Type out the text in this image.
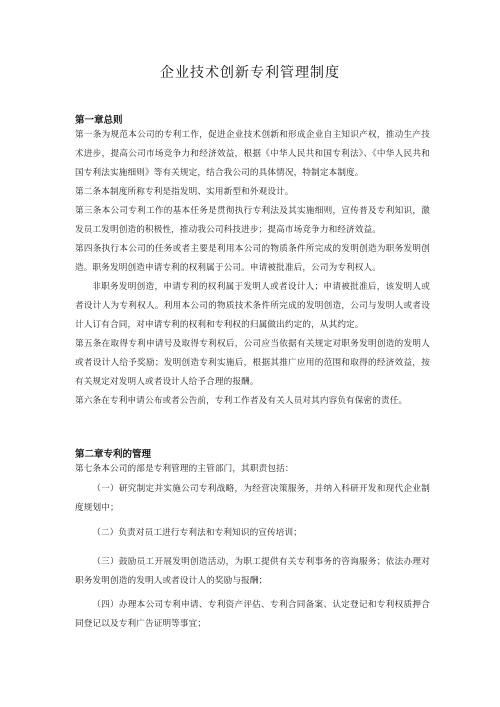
企业技术创新专利管理制度
第一章总则
第一条为规范本公司的专利工作，促进企业技术创新和形成企业自主知识产权，推动生产技术进步，提高公司市场竞争力和经济效益，根据《中华人民共和国专利法》、《中华人民共和国专利法实施细则》等有关规定，结合我公司的具体情况，特制定本制度。
第二条本制度所称专利是指发明、实用新型和外观设计。
第三条本公司专利工作的基本任务是贯彻执行专利法及其实施细则，宣传普及专利知识，激发员工发明创造的积极性，推动我公司科技进步；提高市场竞争力和经济效益。
第四条执行本公司的任务或者主要是利用本公司的物质条件所完成的发明创造为职务发明创造。职务发明创造申请专利的权利属于公司。申请被批准后，公司为专利权人。
非职务发明创造，申请专利的权利属于发明人或者设计人；申请被批准后，该发明人或者设计人为专利权人。利用本公司的物质技术条件所完成的发明创造，公司与发明人或者设计人订有合同，对申请专利的权利和专利权的归属做出约定的，从其约定。
第五条在取得专利申请号及取得专利权后，公司应当依据有关规定对职务发明创造的发明人或者设计人给予奖励；发明创造专利实施后，根据其推广应用的范围和取得的经济效益，按有关规定对发明人或者设计人给予合理的报酬。
第六条在专利申请公布或者公告前，专利工作者及有关人员对其内容负有保密的责任。
第二章专利的管理
第七条本公司的部是专利管理的主管部门，其职责包括：
（一）研究制定并实施公司专利战略，为经营决策服务，并纳入科研开发和现代企业制度规划中；
（二）负责对员工进行专利法和专利知识的宣传培训；
（三）鼓励员工开展发明创造活动，为职工提供有关专利事务的咨询服务；依法办理对职务发明创造的发明人或者设计人的奖励与报酬；
（四）办理本公司专利申请、专利资产评估、专利合同备案、认定登记和专利权质押合同登记以及专利广告证明等事宜；
